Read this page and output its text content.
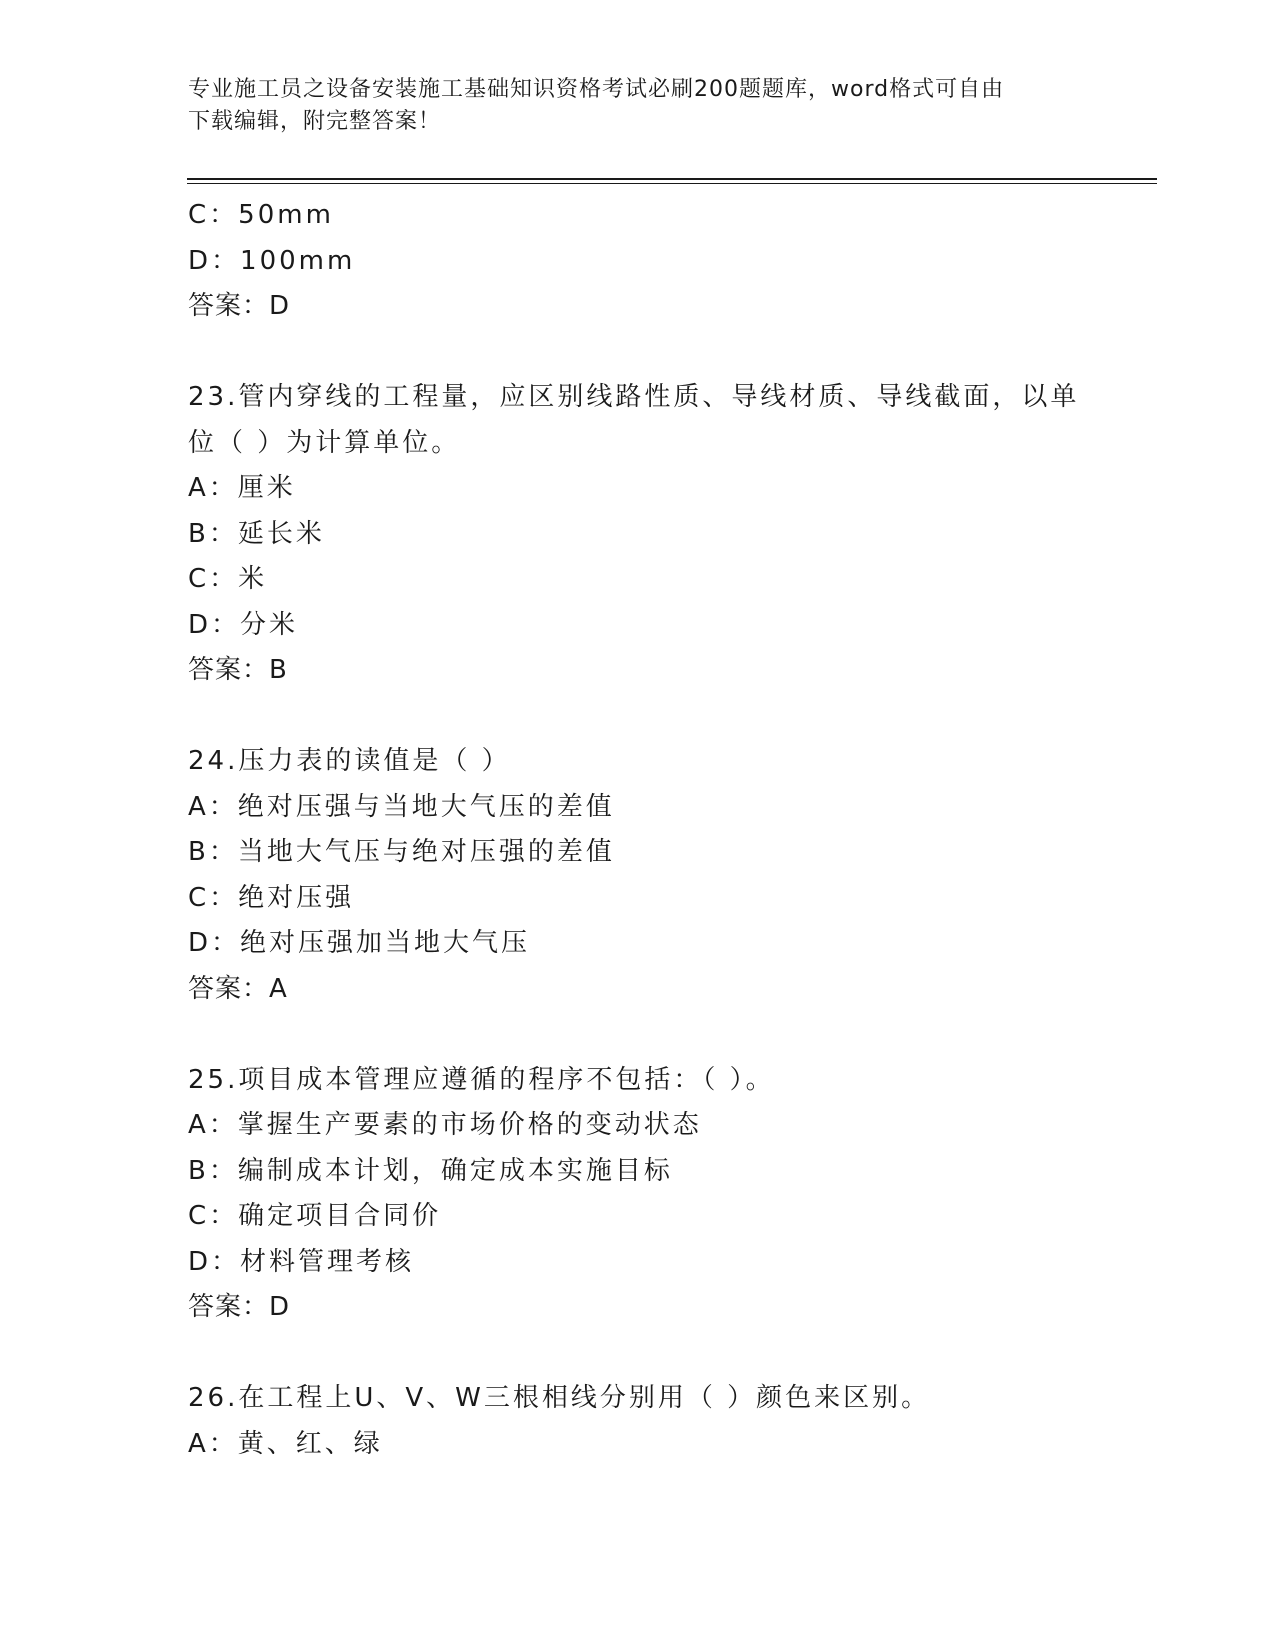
专业施工员之设备安装施工基础知识资格考试必刷200题题库，word格式可自由
下载编辑，附完整答案！
C：50mm
D：100mm
答案：D
23.管内穿线的工程量，应区别线路性质、导线材质、导线截面，以单
位（ ）为计算单位。
A：厘米
B：延长米
C：米
D：分米
答案：B
24.压力表的读值是（ ）
A：绝对压强与当地大气压的差值
B：当地大气压与绝对压强的差值
C：绝对压强
D：绝对压强加当地大气压
答案：A
25.项目成本管理应遵循的程序不包括：（ ）。
A：掌握生产要素的市场价格的变动状态
B：编制成本计划，确定成本实施目标
C：确定项目合同价
D：材料管理考核
答案：D
26.在工程上U、V、W三根相线分别用（ ）颜色来区别。
A：黄、红、绿
